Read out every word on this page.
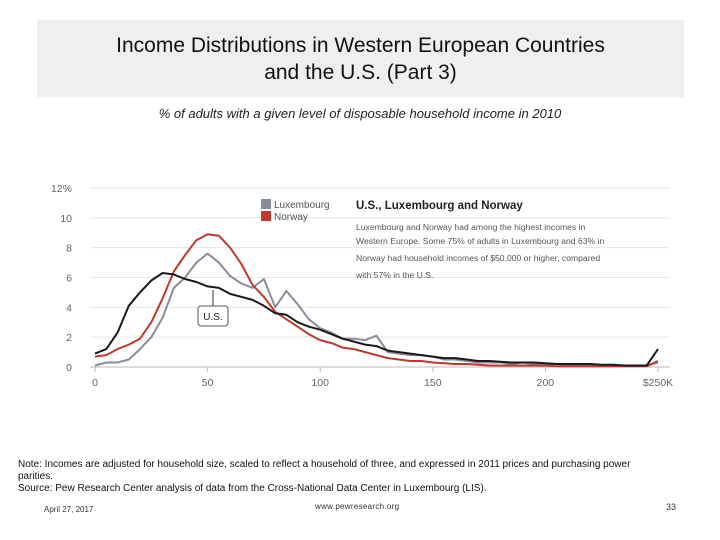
Income Distributions in Western European Countries
and the U.S. (Part 3)
% of adults with a given level of disposable household income in 2010
12%
10
8
6
4
2
0
0	50	100	150	200	$250K
Luxembourg
Norway
U.S., Luxembourg and Norway
Luxembourg and Norway had among the highest incomes in
Western Europe. Some 75% of adults in Luxembourg and 63% in
Norway had household incomes of $50,000 or higher, compared
with 57% in the U.S.
U.S.
Note: Incomes are adjusted for household size, scaled to reflect a household of three, and expressed in 2011 prices and purchasing power
parities.
Source: Pew Research Center analysis of data from the Cross-National Data Center in Luxembourg (LIS).
April 27, 2017	www.pewresearch.org	33
